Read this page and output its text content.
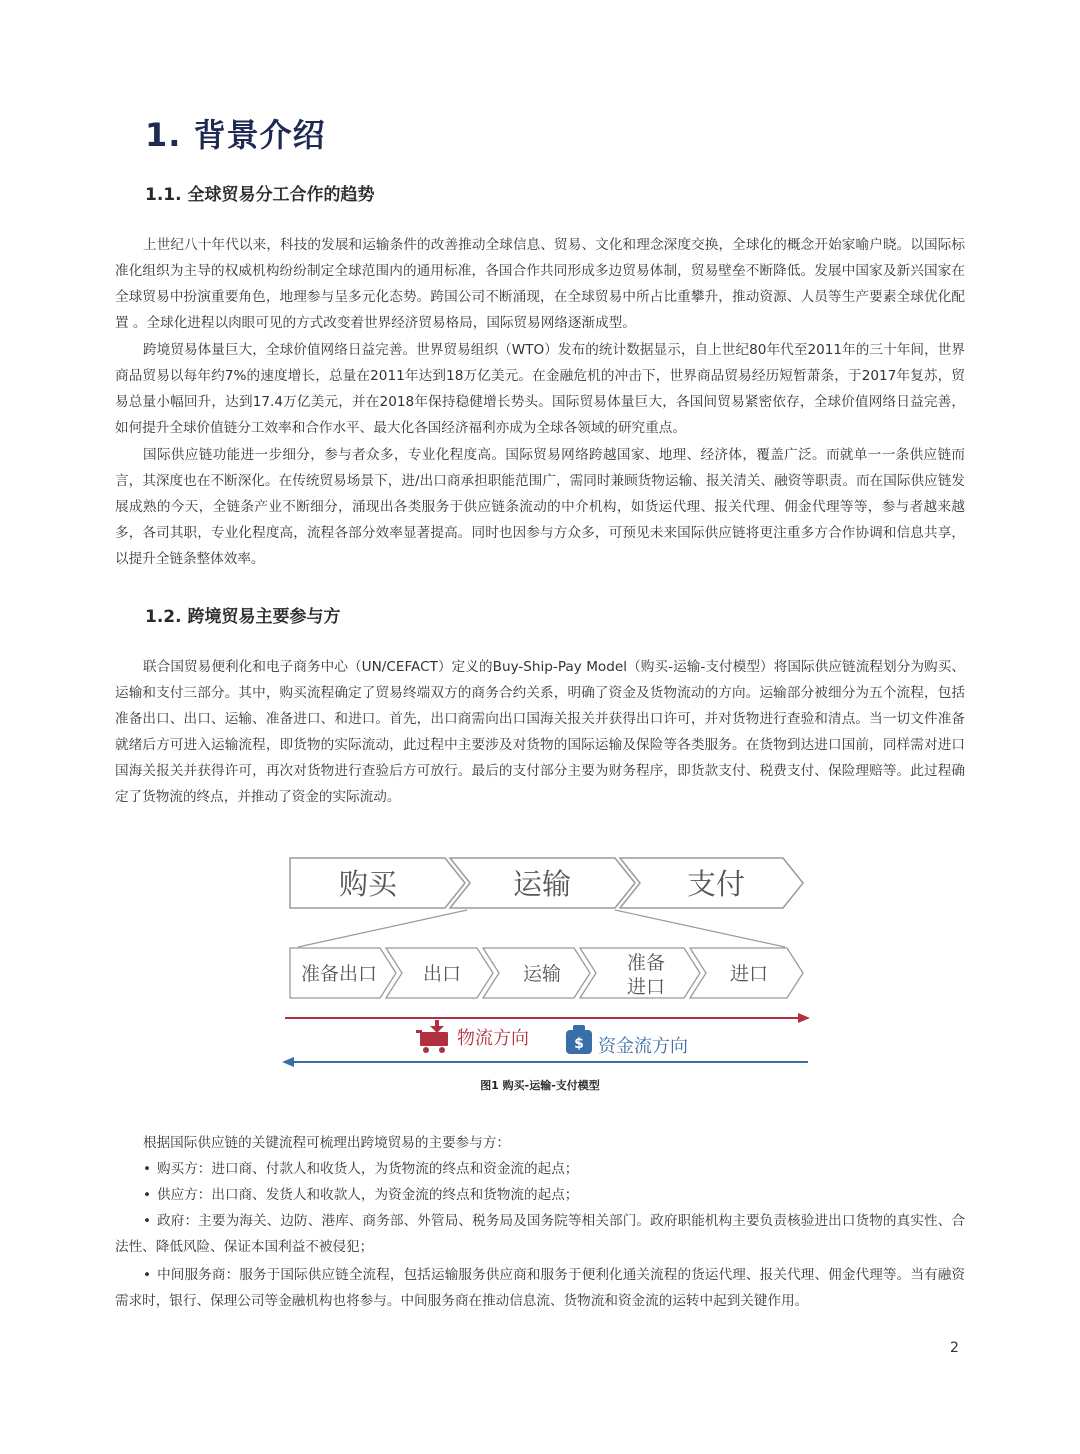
1. 背景介绍
1.1. 全球贸易分工合作的趋势

上世纪八十年代以来，科技的发展和运输条件的改善推动全球信息、贸易、文化和理念深度交换，全球化的概念开始家喻户晓。以国际标准化组织为主导的权威机构纷纷制定全球范围内的通用标准，各国合作共同形成多边贸易体制，贸易壁垒不断降低。发展中国家及新兴国家在全球贸易中扮演重要角色，地理参与呈多元化态势。跨国公司不断涌现，在全球贸易中所占比重攀升，推动资源、人员等生产要素全球优化配置 。全球化进程以肉眼可见的方式改变着世界经济贸易格局，国际贸易网络逐渐成型。

跨境贸易体量巨大，全球价值网络日益完善。世界贸易组织（WTO）发布的统计数据显示，自上世纪80年代至2011年的三十年间，世界商品贸易以每年约7%的速度增长，总量在2011年达到18万亿美元。在金融危机的冲击下，世界商品贸易经历短暂萧条，于2017年复苏，贸易总量小幅回升，达到17.4万亿美元，并在2018年保持稳健增长势头。国际贸易体量巨大，各国间贸易紧密依存，全球价值网络日益完善，如何提升全球价值链分工效率和合作水平、最大化各国经济福利亦成为全球各领域的研究重点。

国际供应链功能进一步细分，参与者众多，专业化程度高。国际贸易网络跨越国家、地理、经济体，覆盖广泛。而就单一一条供应链而言，其深度也在不断深化。在传统贸易场景下，进/出口商承担职能范围广，需同时兼顾货物运输、报关清关、融资等职责。而在国际供应链发展成熟的今天，全链条产业不断细分，涌现出各类服务于供应链条流动的中介机构，如货运代理、报关代理、佣金代理等等，参与者越来越多，各司其职，专业化程度高，流程各部分效率显著提高。同时也因参与方众多，可预见未来国际供应链将更注重多方合作协调和信息共享，以提升全链条整体效率。

1.2. 跨境贸易主要参与方

联合国贸易便利化和电子商务中心（UN/CEFACT）定义的Buy-Ship-Pay Model（购买-运输-支付模型）将国际供应链流程划分为购买、运输和支付三部分。其中，购买流程确定了贸易终端双方的商务合约关系，明确了资金及货物流动的方向。运输部分被细分为五个流程，包括准备出口、出口、运输、准备进口、和进口。首先，出口商需向出口国海关报关并获得出口许可，并对货物进行查验和清点。当一切文件准备就绪后方可进入运输流程，即货物的实际流动，此过程中主要涉及对货物的国际运输及保险等各类服务。在货物到达进口国前，同样需对进口国海关报关并获得许可，再次对货物进行查验后方可放行。最后的支付部分主要为财务程序，即货款支付、税费支付、保险理赔等。此过程确定了货物流的终点，并推动了资金的实际流动。

购买	运输	支付
准备出口 出口	运输	准备
进口
进口
物流方向	$ 资金流方向
图1 购买-运输-支付模型

根据国际供应链的关键流程可梳理出跨境贸易的主要参与方：

• 购买方：进口商、付款人和收货人，为货物流的终点和资金流的起点；

• 供应方：出口商、发货人和收款人，为资金流的终点和货物流的起点；

• 政府：主要为海关、边防、港库、商务部、外管局、税务局及国务院等相关部门。政府职能机构主要负责核验进出口货物的真实性、合法性、降低风险、保证本国利益不被侵犯；

• 中间服务商：服务于国际供应链全流程，包括运输服务供应商和服务于便利化通关流程的货运代理、报关代理、佣金代理等。当有融资需求时，银行、保理公司等金融机构也将参与。中间服务商在推动信息流、货物流和资金流的运转中起到关键作用。

2
